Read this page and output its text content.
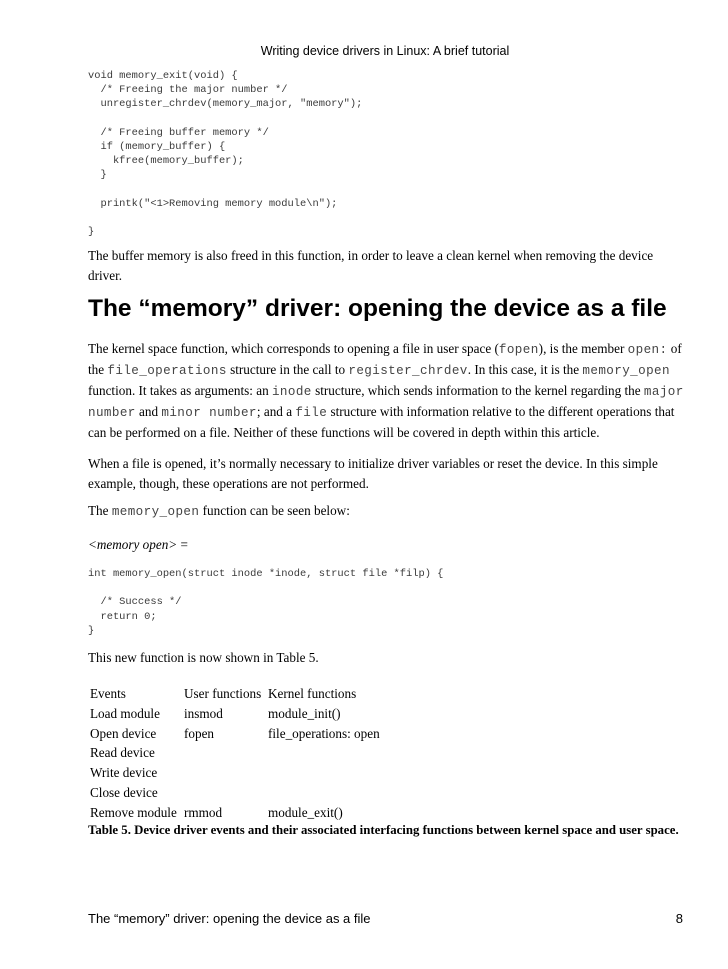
Writing device drivers in Linux: A brief tutorial
void memory_exit(void) {
/* Freeing the major number */
unregister_chrdev(memory_major, "memory");

/* Freeing buffer memory */
if (memory_buffer) {
kfree(memory_buffer);
}

printk("<1>Removing memory module\n");

}

The buffer memory is also freed in this function, in order to leave a clean kernel when removing the device driver.

The “memory” driver: opening the device as a file

The kernel space function, which corresponds to opening a file in user space (fopen), is the member open: of the file_operations structure in the call to register_chrdev. In this case, it is the memory_open function. It takes as arguments: an inode structure, which sends information to the kernel regarding the major number and minor number; and a file structure with information relative to the different operations that can be performed on a file. Neither of these functions will be covered in depth within this article.

When a file is opened, it’s normally necessary to initialize driver variables or reset the device. In this simple example, though, these operations are not performed.

The memory_open function can be seen below:

<memory open> =

int memory_open(struct inode *inode, struct file *filp) {

/* Success */
return 0;
}

This new function is now shown in Table 5.

Events	User functions	Kernel functions
Load module	insmod	module_init()
Open device	fopen	file_operations: open
Read device		
Write device		
Close device		
Remove module	rmmod	module_exit()

Table 5. Device driver events and their associated interfacing functions between kernel space and user space.

The “memory” driver: opening the device as a file	8
